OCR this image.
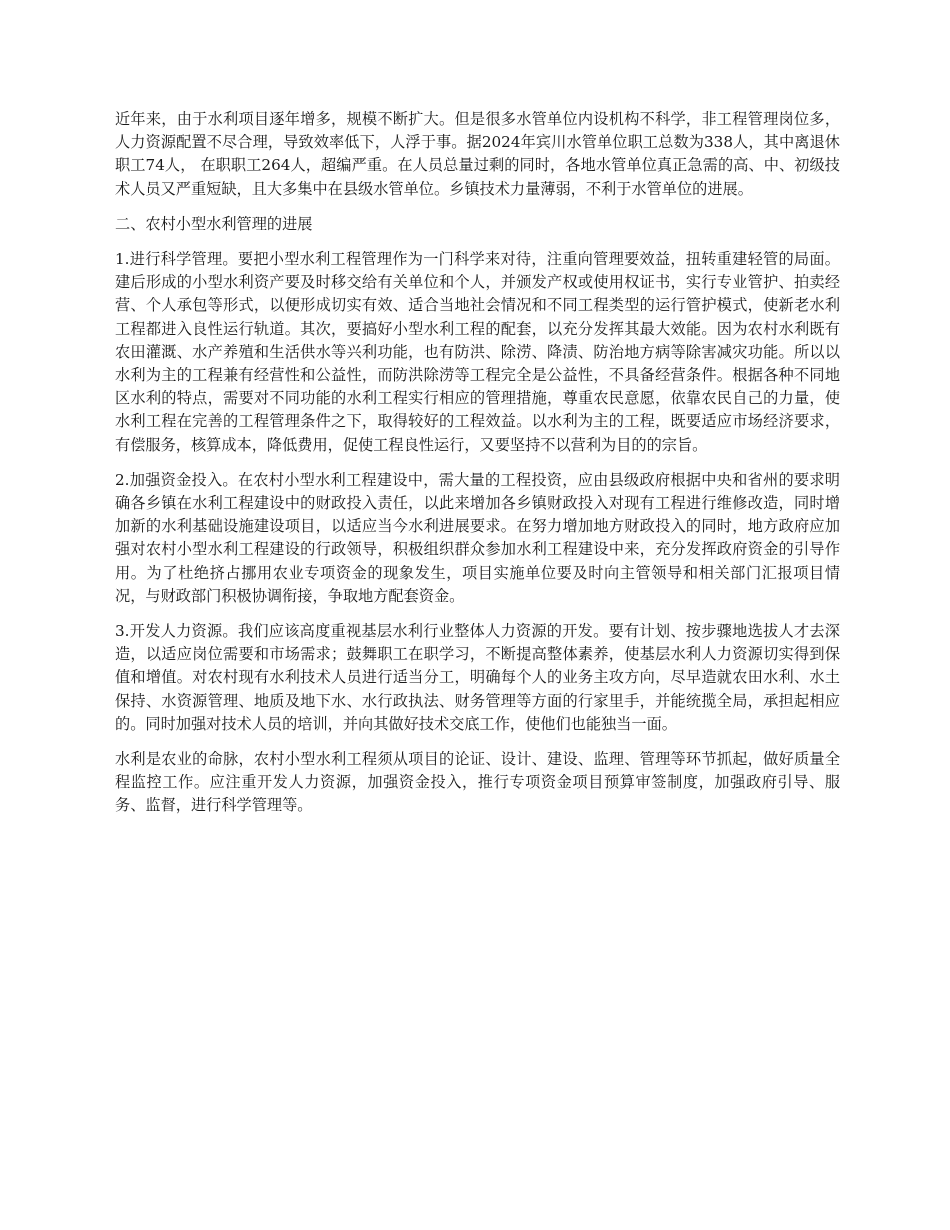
近年来，由于水利项目逐年增多，规模不断扩大。但是很多水管单位内设机构不科学，非工程管理岗位多，人力资源配置不尽合理，导致效率低下，人浮于事。据2024年宾川水管单位职工总数为338人，其中离退休职工74人， 在职职工264人，超编严重。在人员总量过剩的同时，各地水管单位真正急需的高、中、初级技术人员又严重短缺，且大多集中在县级水管单位。乡镇技术力量薄弱，不利于水管单位的进展。

二、农村小型水利管理的进展

1.进行科学管理。要把小型水利工程管理作为一门科学来对待，注重向管理要效益，扭转重建轻管的局面。建后形成的小型水利资产要及时移交给有关单位和个人，并颁发产权或使用权证书，实行专业管护、拍卖经营、个人承包等形式，以便形成切实有效、适合当地社会情况和不同工程类型的运行管护模式，使新老水利工程都进入良性运行轨道。其次，要搞好小型水利工程的配套，以充分发挥其最大效能。因为农村水利既有农田灌溉、水产养殖和生活供水等兴利功能，也有防洪、除涝、降渍、防治地方病等除害减灾功能。所以以水利为主的工程兼有经营性和公益性，而防洪除涝等工程完全是公益性，不具备经营条件。根据各种不同地区水利的特点，需要对不同功能的水利工程实行相应的管理措施，尊重农民意愿，依靠农民自己的力量，使水利工程在完善的工程管理条件之下，取得较好的工程效益。以水利为主的工程，既要适应市场经济要求，有偿服务，核算成本，降低费用，促使工程良性运行，又要坚持不以营利为目的的宗旨。

2.加强资金投入。在农村小型水利工程建设中，需大量的工程投资，应由县级政府根据中央和省州的要求明确各乡镇在水利工程建设中的财政投入责任，以此来增加各乡镇财政投入对现有工程进行维修改造，同时增加新的水利基础设施建设项目，以适应当今水利进展要求。在努力增加地方财政投入的同时，地方政府应加强对农村小型水利工程建设的行政领导，积极组织群众参加水利工程建设中来，充分发挥政府资金的引导作用。为了杜绝挤占挪用农业专项资金的现象发生，项目实施单位要及时向主管领导和相关部门汇报项目情况，与财政部门积极协调衔接，争取地方配套资金。

3.开发人力资源。我们应该高度重视基层水利行业整体人力资源的开发。要有计划、按步骤地选拔人才去深造，以适应岗位需要和市场需求；鼓舞职工在职学习，不断提高整体素养，使基层水利人力资源切实得到保值和增值。对农村现有水利技术人员进行适当分工，明确每个人的业务主攻方向，尽早造就农田水利、水土保持、水资源管理、地质及地下水、水行政执法、财务管理等方面的行家里手，并能统揽全局，承担起相应的。同时加强对技术人员的培训，并向其做好技术交底工作，使他们也能独当一面。

水利是农业的命脉，农村小型水利工程须从项目的论证、设计、建设、监理、管理等环节抓起，做好质量全程监控工作。应注重开发人力资源，加强资金投入，推行专项资金项目预算审签制度，加强政府引导、服务、监督，进行科学管理等。
